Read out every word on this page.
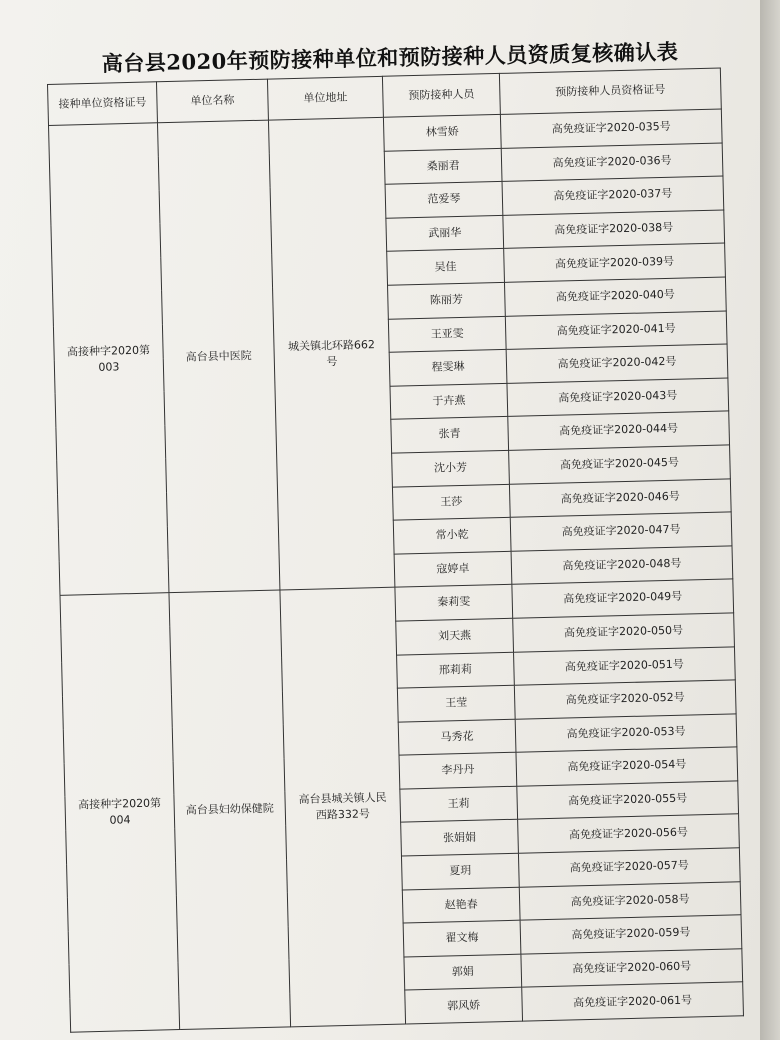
高台县2020年预防接种单位和预防接种人员资质复核确认表
接种单位资格证号	单位名称	单位地址	预防接种人员	预防接种人员资格证号
高接种字2020第003	高台县中医院	城关镇北环路662号	林雪娇	高免疫证字2020-035号
			桑丽君	高免疫证字2020-036号
			范爱琴	高免疫证字2020-037号
			武丽华	高免疫证字2020-038号
			吴佳	高免疫证字2020-039号
			陈丽芳	高免疫证字2020-040号
			王亚雯	高免疫证字2020-041号
			程雯琳	高免疫证字2020-042号
			于卉燕	高免疫证字2020-043号
			张青	高免疫证字2020-044号
			沈小芳	高免疫证字2020-045号
			王莎	高免疫证字2020-046号
			常小乾	高免疫证字2020-047号
			寇婷卓	高免疫证字2020-048号
高接种字2020第004	高台县妇幼保健院	高台县城关镇人民西路332号	秦莉雯	高免疫证字2020-049号
			刘天燕	高免疫证字2020-050号
			邢莉莉	高免疫证字2020-051号
			王莹	高免疫证字2020-052号
			马秀花	高免疫证字2020-053号
			李丹丹	高免疫证字2020-054号
			王莉	高免疫证字2020-055号
			张娟娟	高免疫证字2020-056号
			夏玥	高免疫证字2020-057号
			赵艳春	高免疫证字2020-058号
			翟文梅	高免疫证字2020-059号
			郭娟	高免疫证字2020-060号
			郭风娇	高免疫证字2020-061号
